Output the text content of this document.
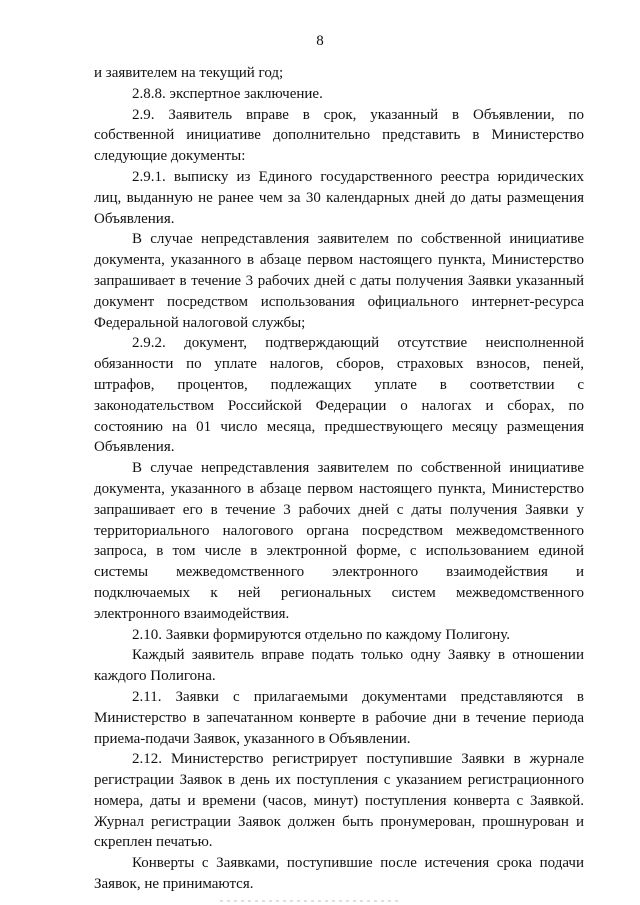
8

и заявителем на текущий год;

2.8.8. экспертное заключение.

2.9. Заявитель вправе в срок, указанный в Объявлении, по собственной инициативе дополнительно представить в Министерство следующие документы:

2.9.1. выписку из Единого государственного реестра юридических лиц, выданную не ранее чем за 30 календарных дней до даты размещения Объявления.

В случае непредставления заявителем по собственной инициативе документа, указанного в абзаце первом настоящего пункта, Министерство запрашивает в течение 3 рабочих дней с даты получения Заявки указанный документ посредством использования официального интернет-ресурса Федеральной налоговой службы;

2.9.2. документ, подтверждающий отсутствие неисполненной обязанности по уплате налогов, сборов, страховых взносов, пеней, штрафов, процентов, подлежащих уплате в соответствии с законодательством Российской Федерации о налогах и сборах, по состоянию на 01 число месяца, предшествующего месяцу размещения Объявления.

В случае непредставления заявителем по собственной инициативе документа, указанного в абзаце первом настоящего пункта, Министерство запрашивает его в течение 3 рабочих дней с даты получения Заявки у территориального налогового органа посредством межведомственного запроса, в том числе в электронной форме, с использованием единой системы межведомственного электронного взаимодействия и подключаемых к ней региональных систем межведомственного электронного взаимодействия.

2.10. Заявки формируются отдельно по каждому Полигону.

Каждый заявитель вправе подать только одну Заявку в отношении каждого Полигона.

2.11. Заявки с прилагаемыми документами представляются в Министерство в запечатанном конверте в рабочие дни в течение периода приема-подачи Заявок, указанного в Объявлении.

2.12. Министерство регистрирует поступившие Заявки в журнале регистрации Заявок в день их поступления с указанием регистрационного номера, даты и времени (часов, минут) поступления конверта с Заявкой. Журнал регистрации Заявок должен быть пронумерован, прошнурован и скреплен печатью.

Конверты с Заявками, поступившие после истечения срока подачи Заявок, не принимаются.
